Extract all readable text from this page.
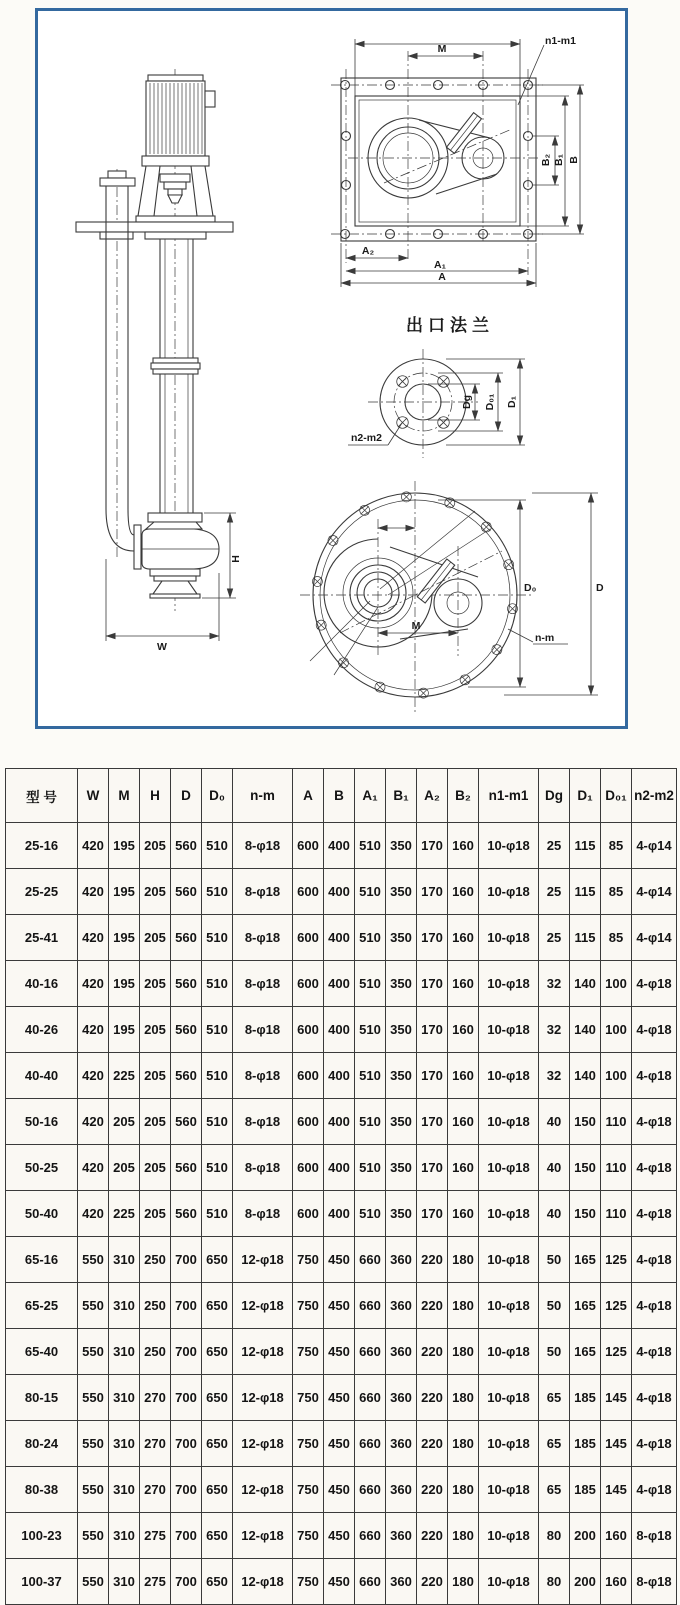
H
W
M
n1-m1
B₂ B₁ B
A₂
A₁
A
出口法兰
Dg D₀₁ D₁
n2-m2
M
n-m
D₀	D
型 号	W	M	H	D	D₀	n-m	A	B	A₁	B₁	A₂	B₂	n1-m1	Dg	D₁	D₀₁	n2-m2
25-16	420	195	205	560	510	8-φ18	600	400	510	350	170	160	10-φ18	25	115	85	4-φ14
25-25	420	195	205	560	510	8-φ18	600	400	510	350	170	160	10-φ18	25	115	85	4-φ14
25-41	420	195	205	560	510	8-φ18	600	400	510	350	170	160	10-φ18	25	115	85	4-φ14
40-16	420	195	205	560	510	8-φ18	600	400	510	350	170	160	10-φ18	32	140	100	4-φ18
40-26	420	195	205	560	510	8-φ18	600	400	510	350	170	160	10-φ18	32	140	100	4-φ18
40-40	420	225	205	560	510	8-φ18	600	400	510	350	170	160	10-φ18	32	140	100	4-φ18
50-16	420	205	205	560	510	8-φ18	600	400	510	350	170	160	10-φ18	40	150	110	4-φ18
50-25	420	205	205	560	510	8-φ18	600	400	510	350	170	160	10-φ18	40	150	110	4-φ18
50-40	420	225	205	560	510	8-φ18	600	400	510	350	170	160	10-φ18	40	150	110	4-φ18
65-16	550	310	250	700	650	12-φ18	750	450	660	360	220	180	10-φ18	50	165	125	4-φ18
65-25	550	310	250	700	650	12-φ18	750	450	660	360	220	180	10-φ18	50	165	125	4-φ18
65-40	550	310	250	700	650	12-φ18	750	450	660	360	220	180	10-φ18	50	165	125	4-φ18
80-15	550	310	270	700	650	12-φ18	750	450	660	360	220	180	10-φ18	65	185	145	4-φ18
80-24	550	310	270	700	650	12-φ18	750	450	660	360	220	180	10-φ18	65	185	145	4-φ18
80-38	550	310	270	700	650	12-φ18	750	450	660	360	220	180	10-φ18	65	185	145	4-φ18
100-23	550	310	275	700	650	12-φ18	750	450	660	360	220	180	10-φ18	80	200	160	8-φ18
100-37	550	310	275	700	650	12-φ18	750	450	660	360	220	180	10-φ18	80	200	160	8-φ18
